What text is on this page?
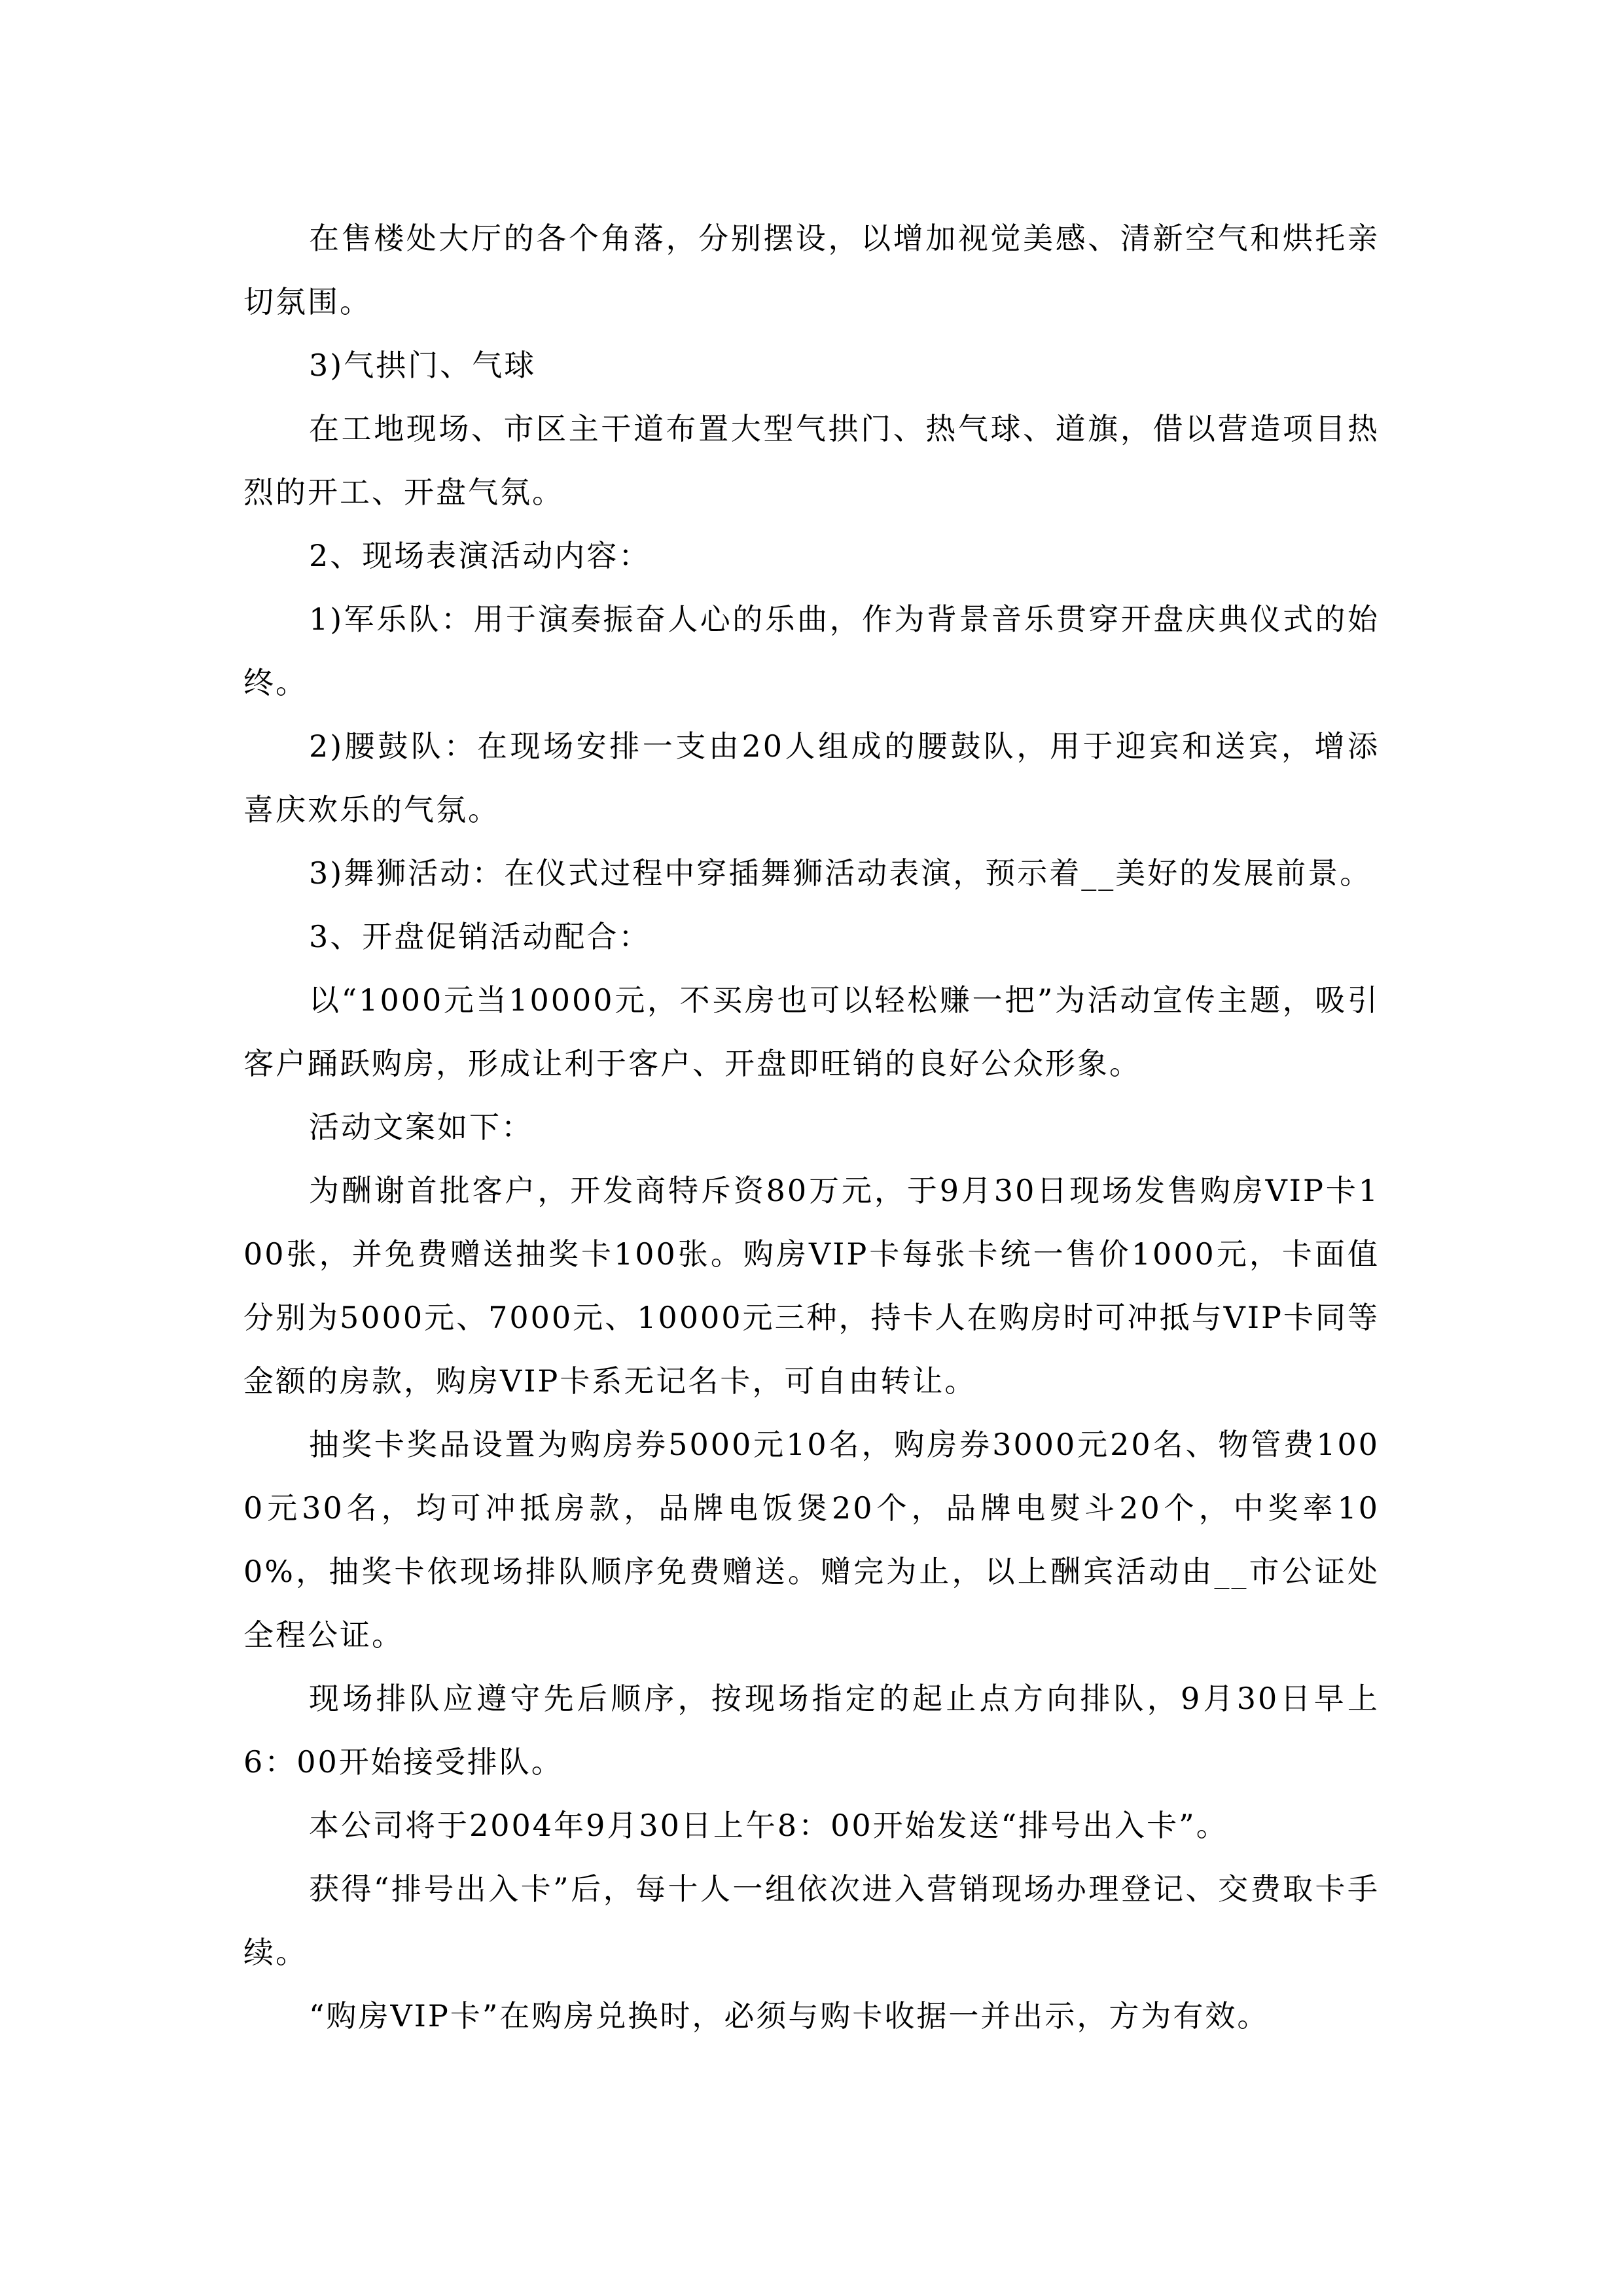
在售楼处大厅的各个角落，分别摆设，以增加视觉美感、清新空气和烘托亲切氛围。

3)气拱门、气球

在工地现场、市区主干道布置大型气拱门、热气球、道旗，借以营造项目热烈的开工、开盘气氛。

2、现场表演活动内容：

1)军乐队：用于演奏振奋人心的乐曲，作为背景音乐贯穿开盘庆典仪式的始终。

2)腰鼓队：在现场安排一支由20人组成的腰鼓队，用于迎宾和送宾，增添喜庆欢乐的气氛。

3)舞狮活动：在仪式过程中穿插舞狮活动表演，预示着__美好的发展前景。

3、开盘促销活动配合：

以“1000元当10000元，不买房也可以轻松赚一把”为活动宣传主题，吸引客户踊跃购房，形成让利于客户、开盘即旺销的良好公众形象。

活动文案如下：

为酬谢首批客户，开发商特斥资80万元，于9月30日现场发售购房VIP卡100张，并免费赠送抽奖卡100张。购房VIP卡每张卡统一售价1000元，卡面值分别为5000元、7000元、10000元三种，持卡人在购房时可冲抵与VIP卡同等金额的房款，购房VIP卡系无记名卡，可自由转让。

抽奖卡奖品设置为购房券5000元10名，购房券3000元20名、物管费1000元30名，均可冲抵房款，品牌电饭煲20个，品牌电熨斗20个，中奖率100%，抽奖卡依现场排队顺序免费赠送。赠完为止，以上酬宾活动由__市公证处全程公证。

现场排队应遵守先后顺序，按现场指定的起止点方向排队，9月30日早上6：00开始接受排队。

本公司将于2004年9月30日上午8：00开始发送“排号出入卡”。

获得“排号出入卡”后，每十人一组依次进入营销现场办理登记、交费取卡手续。

“购房VIP卡”在购房兑换时，必须与购卡收据一并出示，方为有效。
